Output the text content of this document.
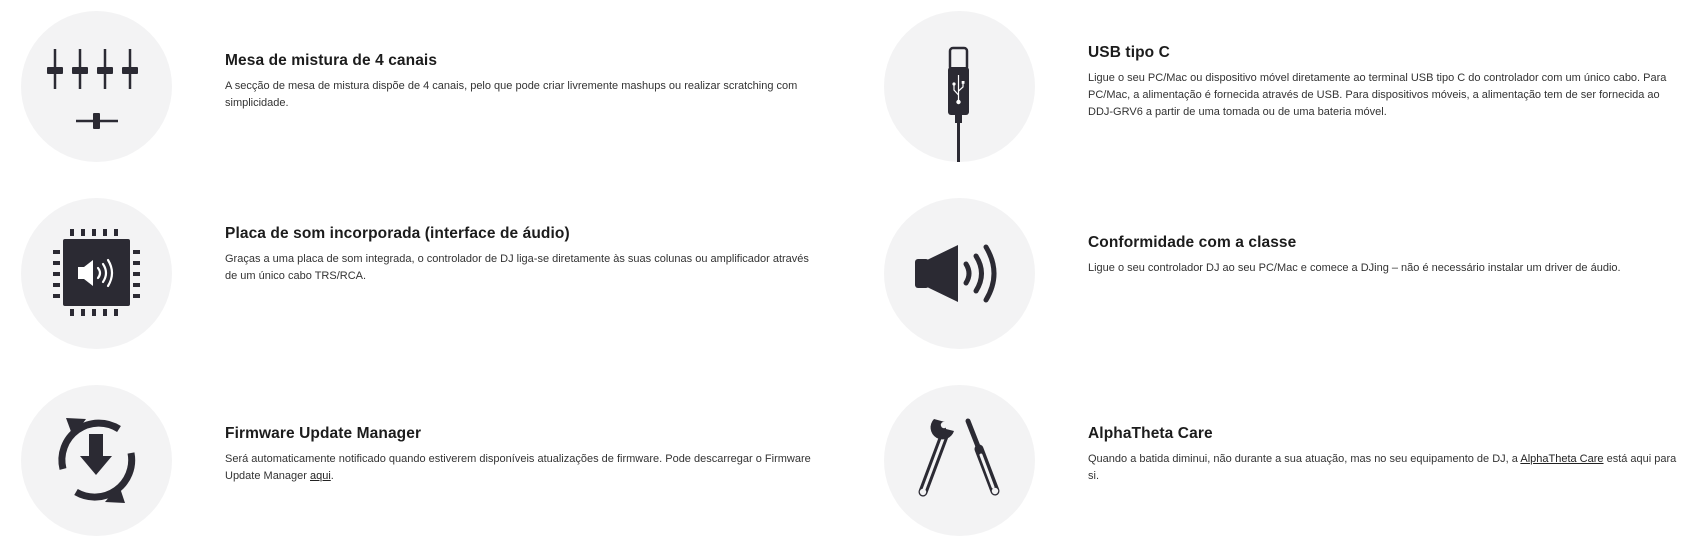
Mesa de mistura de 4 canais

A secção de mesa de mistura dispõe de 4 canais, pelo que pode criar livremente mashups ou realizar scratching com simplicidade.

USB tipo C

Ligue o seu PC/Mac ou dispositivo móvel diretamente ao terminal USB tipo C do controlador com um único cabo. Para PC/Mac, a alimentação é fornecida através de USB. Para dispositivos móveis, a alimentação tem de ser fornecida ao DDJ-GRV6 a partir de uma tomada ou de uma bateria móvel.

Placa de som incorporada (interface de áudio)

Graças a uma placa de som integrada, o controlador de DJ liga-se diretamente às suas colunas ou amplificador através de um único cabo TRS/RCA.

Conformidade com a classe

Ligue o seu controlador DJ ao seu PC/Mac e comece a DJing – não é necessário instalar um driver de áudio.

Firmware Update Manager

Será automaticamente notificado quando estiverem disponíveis atualizações de firmware. Pode descarregar o Firmware Update Manager aqui.

AlphaTheta Care

Quando a batida diminui, não durante a sua atuação, mas no seu equipamento de DJ, a AlphaTheta Care está aqui para si.
